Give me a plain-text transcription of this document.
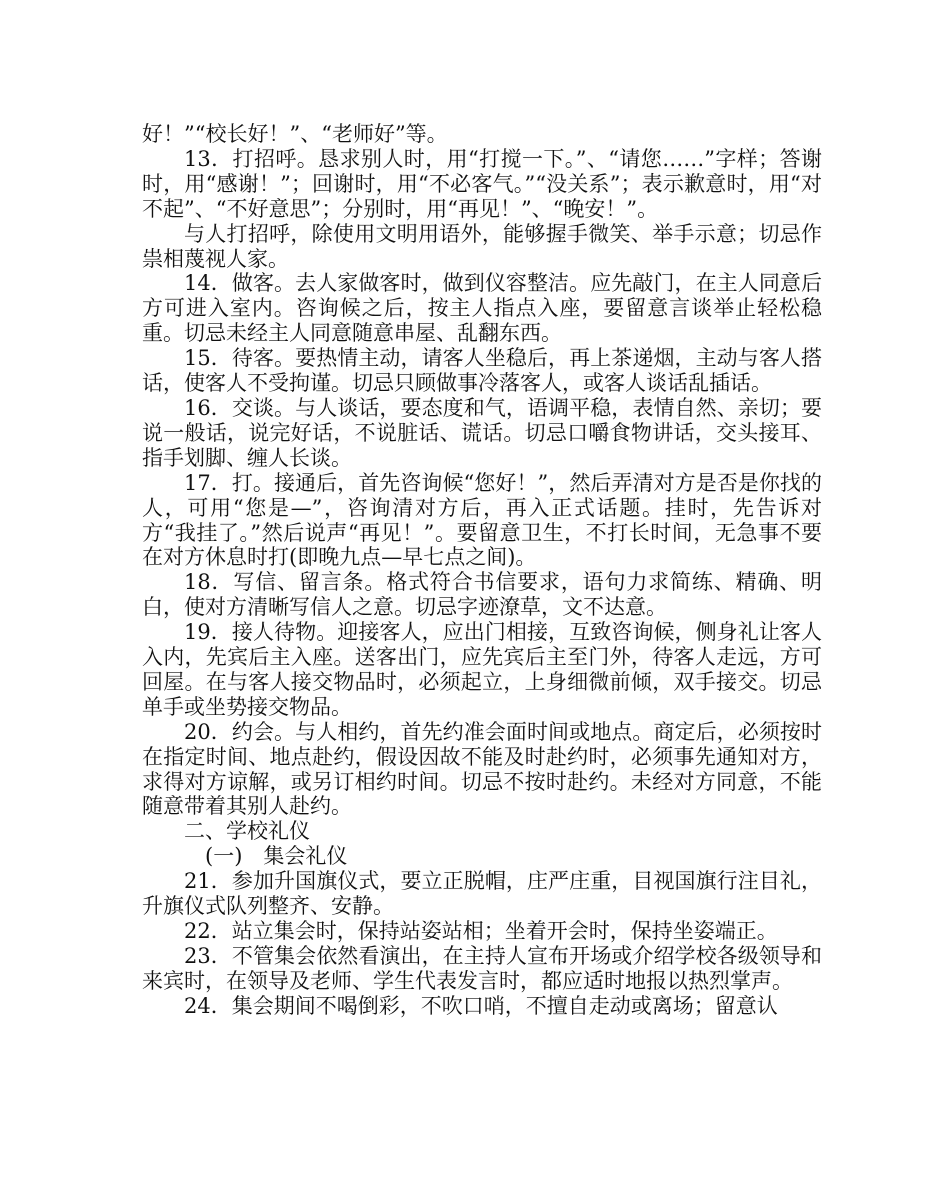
好！”“校长好！”、“老师好”等。

13．打招呼。恳求别人时，用“打搅一下。”、“请您……”字样；答谢时，用“感谢！”；回谢时，用“不必客气。”“没关系”；表示歉意时，用“对不起”、“不好意思”；分别时，用“再见！”、“晚安！”。

与人打招呼，除使用文明用语外，能够握手微笑、举手示意；切忌作祟相蔑视人家。

14．做客。去人家做客时，做到仪容整洁。应先敲门，在主人同意后方可进入室内。咨询候之后，按主人指点入座，要留意言谈举止轻松稳重。切忌未经主人同意随意串屋、乱翻东西。

15．待客。要热情主动，请客人坐稳后，再上茶递烟，主动与客人搭话，使客人不受拘谨。切忌只顾做事冷落客人，或客人谈话乱插话。

16．交谈。与人谈话，要态度和气，语调平稳，表情自然、亲切；要说一般话，说完好话，不说脏话、谎话。切忌口嚼食物讲话，交头接耳、指手划脚、缠人长谈。

17．打。接通后，首先咨询候“您好！”，然后弄清对方是否是你找的人，可用“您是—”，咨询清对方后，再入正式话题。挂时，先告诉对方“我挂了。”然后说声“再见！”。要留意卫生，不打长时间，无急事不要在对方休息时打(即晚九点—早七点之间)。

18．写信、留言条。格式符合书信要求，语句力求简练、精确、明白，使对方清晰写信人之意。切忌字迹潦草，文不达意。

19．接人待物。迎接客人，应出门相接，互致咨询候，侧身礼让客人入内，先宾后主入座。送客出门，应先宾后主至门外，待客人走远，方可回屋。在与客人接交物品时，必须起立，上身细微前倾，双手接交。切忌单手或坐势接交物品。

20．约会。与人相约，首先约准会面时间或地点。商定后，必须按时在指定时间、地点赴约，假设因故不能及时赴约时，必须事先通知对方，求得对方谅解，或另订相约时间。切忌不按时赴约。未经对方同意，不能随意带着其别人赴约。

二、学校礼仪

(一)　集会礼仪

21．参加升国旗仪式，要立正脱帽，庄严庄重，目视国旗行注目礼，升旗仪式队列整齐、安静。

22．站立集会时，保持站姿站相；坐着开会时，保持坐姿端正。

23．不管集会依然看演出，在主持人宣布开场或介绍学校各级领导和来宾时，在领导及老师、学生代表发言时，都应适时地报以热烈掌声。

24．集会期间不喝倒彩，不吹口哨，不擅自走动或离场；留意认
